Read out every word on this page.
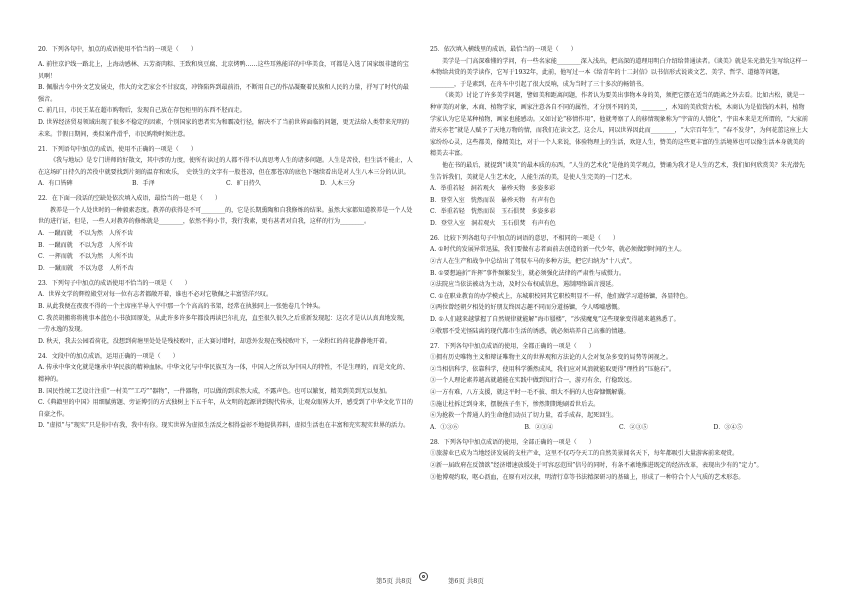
20．下列各句中，加点的成语使用不恰当的一项是（　　）

A. 前往京沪线一路北上，上海动感林、五芳斋肉粽、王致和臭豆腐、北京烤鸭……这些耳熟能详的中华美食，可都是入选了国家级非遗的宝贝啊！

B. 佩服古今中外文艺发展史，伟大的文艺家会不甘寂寞，冲锋陷阵到最前沿，不断用自己的作品凝聚着民族和人民的力量，抒写了时代的最强音。

C. 前几日，市民王某在超市购物后，发现自己放在存包柜里的东西不胫而走。

D. 世界经济贸易领域出现了很多不稳定的因素，个别国家的患者实为和霸凌行径，解决不了当前世界面临的问题，更无法给人类带来光明的未来。节假日期间，类似案件滑乎，市民购物时须注意。

21．下列语句中加点的成语，使用不正确的一项是（　　）

《我与地坛》是专门讲师的好散文，其中涉的力度，使所有读过的人都不得不认真思考人生的诸多问题。人生是苦役，但生活不能止，人在这场旷日持久的苦役中就要找到片刻的温存和欢乐，　史铁生的文字有一股苍凉，但在那苍凉的底色下继续看出是对人生八本三分的认识。

A．有口皆碑	B．手泽	C．旷日持久	D．人木三分

22．在下面一段话的空缺处依次填入成语，最恰当的一组是（　　）

教养是一个人处世时的一种毅素态度。教养的获得是不可________的，它是长期熏陶和自我修炼的结果。虽然大家都知道教养是一个人处世的进行证，但是，一些人对教养的修炼就是________，依然不拘小节，我行我素，更有甚者对自我，这样的行为________。

A．一蹴而就　不以为然　人所不齿

B．一蹴而就　不以为意　人所不齿

C．一挥而就　不以为然　人所不齿

D．一蹴而就　不以为意　人所不齿

23．下列句子中加点的成语使用不恰当的一项是（　　）

A．世界文学的辉煌殿堂对每一位有志者都敞开着，谁也不必对它敬佩之丰富望洋兴叹。

B. 从此我便在夜夜不得的一个主席座半导入平中那一个个高高的书架，经常在执独同上一张弛卷几个钟头。

C. 我茨胡搬将将挑事本蓝色小书放回原处，从此许多许多年都没再读巴尔扎克，直至很久很久之后重新发现起：这次才是认认真真地发现，一劳永逸的发现。

D. 秋天，我去公园看荷花，没想到荷塘里处处是残枝败叶，正大赛讨增时，却意外发现在残枝败叶下，一朵粉红的荷花静静地开着。

24．文段中的加点成语，运用正确的一项是（　　）

A. 传承中华文化就是继承中华民族的精神血脉。中华文化与中华民族互为一体，中国人之所以为中国人的特性，不是生理的，而是文化的、精神的。

B. 国民性统工艺设计注重“一村美”“工巧”“器物”，一件器物，可以做的到求然大成，不露声色。也可以繁复，精美到美到无以复加。

C.《典籍里的中国》用细腻剪题、旁证博引的方式独树上下五千年，从文明的起源讲到现代传承，让观众眼界大开，感受到了中华文化节目的自豪之作。

D. “虚拟”与“现实”只是你中有我，我中有你。现实世界为虚拟生活反之相得益彰不地提供养料，虚拟生活也在丰富和充实现实世界的活力。

25．依次填入横线里的成语，最恰当的一项是（　　）

美学是一门高深难懂的学问，有一些名家能________深入浅出，把高深的道理用明白介绍给普通读者。《谈美》就是朱光潜先生写给这样一本物给共赏的美学读作，它写于1932年，此前，他写过一本《给青年的十二封信》以书信形式说谈文艺、美学、哲学、道德等问题，________，于是素到，在舟车中引起了很大反响，成为当时了三十多次的畅销书。

《谈美》讨论了许多美学问题，譬如美和距离问题，作者认为要美出事物本身的美，须把它摆在适当的距离之外去看。比如古松，就是一种审美的对象，木商、植物学家，画家注意各自不同的属性，才分别不同的美，________，木知的美欣赏古松，木商认为是值钱的木料，植物学家认为它是某种植物，画家也能感动。又如讨论“移情作用”，他就考察了人的移情现象称为“宇宙的人情化”，宇宙本来是无所谓的，“大家前清天亦老”就是人赋予了天地万物的情，而我们在读文艺，这会儿，同以世界因此而________，“大宗百年生”，“春不发芽”，为何花蕾这座上大家纷纷心灵，这些都美，像精美比，对于一个人来说，体验物理上的生活，欢迎人生，赞美的这些更丰富的生活境界也可以像生活本身就美的精美去丰富。

他在书的最后，就提到“谈美”的最本质的东西，“人生的艺术化”是他的美学观点，赞诵为我才是人生的艺术，我们如何欣赏美？朱光潜先生告诉我们，美就是人生艺术化，人能生活的美，是使人生完美的一门艺术。

A．举重若轻　洞若观火　暴殄天物　多姿多彩

B．登堂入室　恍然而误　暴殄天物　有声有色

C．举重若轻　恍然而误　玉石俱焚　多姿多彩

D．登堂入室　洞若观火　玉石俱焚　有声有色

26．比较下列各组句子中加点的词语的意思，不相同的一项是（　　）

A. ①时代的发展异常迅猛，我们要做有志者面前去创造的新一代少年，就必须做到时间的主人。

②古人在生产和战争中总结出了驾驭车马的多种方法，把它归纳为“十八式”。

B. ①要想遍折“许挥”事件频繁发生，就必须强化法律的严肃性与威慑力。

②法院应当依法被动为主动，及时公布权威信息，遏制网络谣言漫延。

C. ①在职业教育的办学模式上，东城职校同其它职校明显不一样，他们做学习道扬镳，各显特色。

②两位曾经朝夕相处的好朋友终因志趣不同而分道扬镳，令人唏嘘感慨。

D. ①人们越来越掌握了自然规律就能解“海市蜃楼”，“沙漠魔鬼”这些现象变得越来越熟悉了。

②敬那不受光怪陆离的现代都市生活的诱惑，就必须培养自己高雅的情趣。

27．下列各句中加点成语的使用，全都正确的一项是（　　）

①拥有历史唯物主义和辩证唯物主义的世界观和方法论的人会对复杂多变的局势等闲视之。

②当相信科学，依靠科学，使用科学循然成风，我们应对风浪就能取更得”理性的“压舱石”。

③一个人理论素养越高就越能在实践中做到知行合一，游刃有余，行稳致远。

④一方有难，八方支援，就这平时一毛不拔、细大不捐的人也奋慷慨解囊。

⑤施让杜拆迁到身来，摆脱孩子坐下，惨然期期地刷看世后去。

⑥为抢救一个普通人的生命他们动员了切力量，看手成春，起死回生。

A．①③⑥	B．②③④	C．②③⑤	D．③④⑤

28．下列各句中加点成语的使用，全部正确的一项是（　　）

①旅游业已成为当地经济发展的支柱产业，这里不仅巧夺天工的自然美景闻名天下，每年都吸引大量游客前来观赏。

②新一届政府在反馈欲“经济增速放缓处于可容忍范围”信号的同时，有条不紊地推进既定的经济改革，表现出少有的“定力”。

③他博观约取，呕心沥血，在原有对汉隶，明清行草等书法精深研习的基础上，形成了一种符合个人气质的艺术形态。

第5页 共8页	第6页 共8页
